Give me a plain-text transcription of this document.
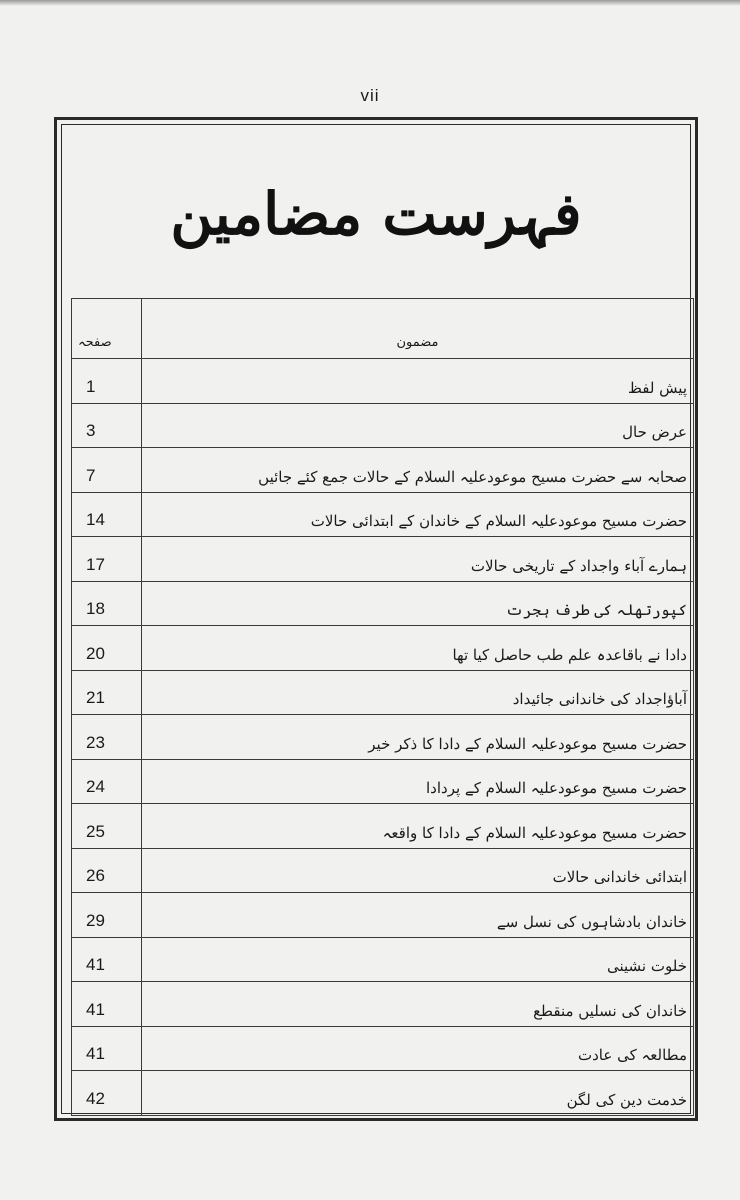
vii
فہرست مضامین
مضمون	صفحہ
پیش لفظ	1
عرض حال	3
صحابہ سے حضرت مسیح موعودعلیہ السلام کے حالات جمع کئے جائیں	7
حضرت مسیح موعودعلیہ السلام کے خاندان کے ابتدائی حالات	14
ہمارے آباء واجداد کے تاریخی حالات	17
کپورتھلہ کی طرف ہجرت	18
دادا نے باقاعدہ علم طب حاصل کیا تھا	20
آباؤاجداد کی خاندانی جائیداد	21
حضرت مسیح موعودعلیہ السلام کے دادا کا ذکر خیر	23
حضرت مسیح موعودعلیہ السلام کے پردادا	24
حضرت مسیح موعودعلیہ السلام کے دادا کا واقعہ	25
ابتدائی خاندانی حالات	26
خاندان بادشاہوں کی نسل سے	29
خلوت نشینی	41
خاندان کی نسلیں منقطع	41
مطالعہ کی عادت	41
خدمت دین کی لگن	42
